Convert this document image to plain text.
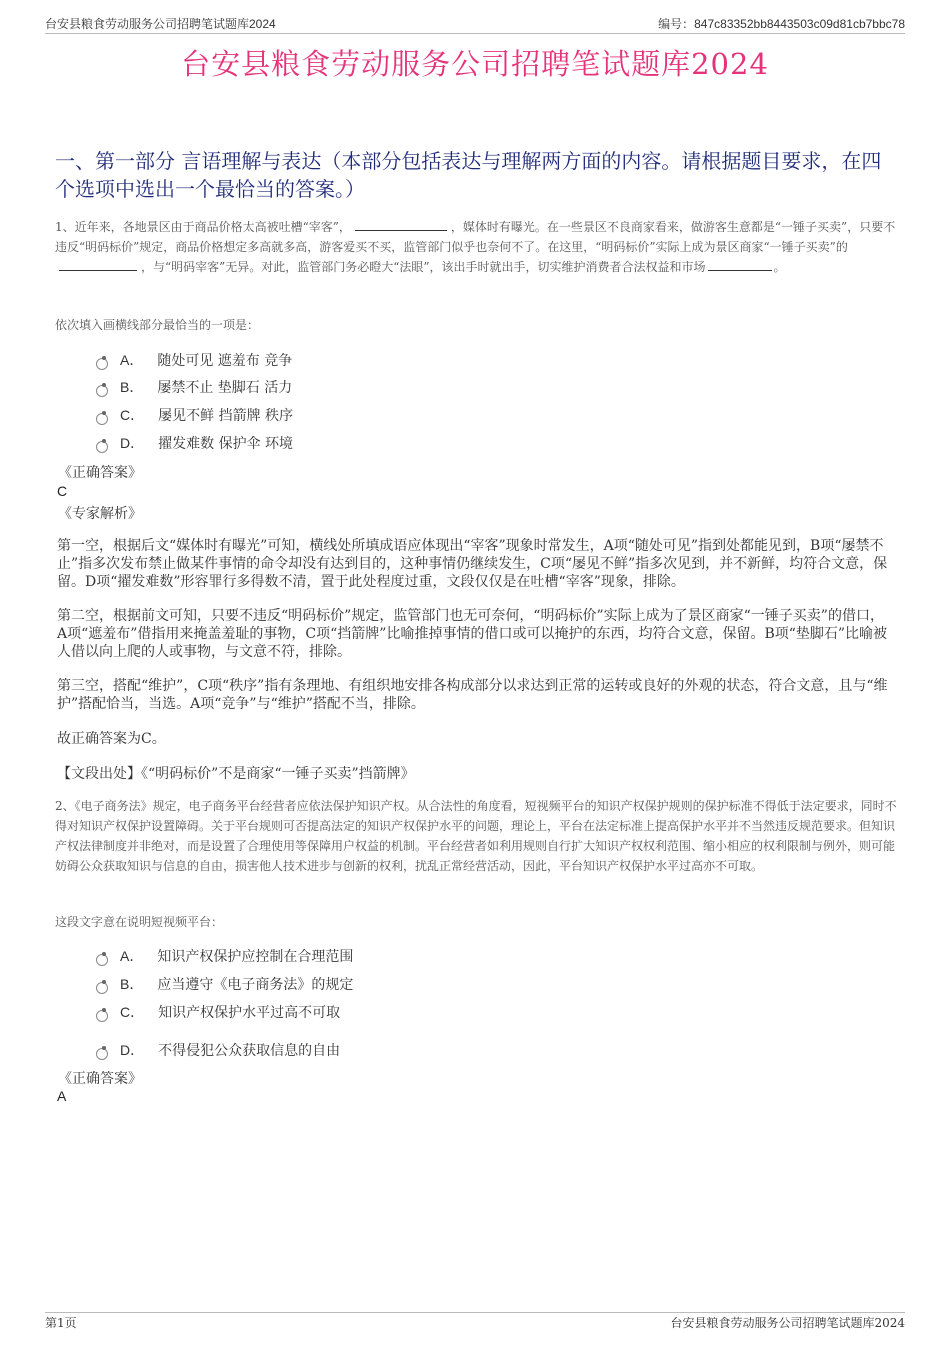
台安县粮食劳动服务公司招聘笔试题库2024	编号：847c83352bb8443503c09d81cb7bbc78
台安县粮食劳动服务公司招聘笔试题库2024
一、第一部分 言语理解与表达（本部分包括表达与理解两方面的内容。请根据题目要求，在四个选项中选出一个最恰当的答案。）
1、近年来，各地景区由于商品价格太高被吐槽“宰客”，	，媒体时有曝光。在一些景区不良商家看来，做游客生意都是“一锤子买卖”，只要不违反“明码标价”规定，商品价格想定多高就多高，游客爱买不买，监管部门似乎也奈何不了。在这里，“明码标价”实际上成为景区商家“一锤子买卖”的，与“明码宰客”无异。对此，监管部门务必瞪大“法眼”，该出手时就出手，切实维护消费者合法权益和市场	。
依次填入画横线部分最恰当的一项是：
A． 随处可见 遮羞布 竞争
B． 屡禁不止 垫脚石 活力
C． 屡见不鲜 挡箭牌 秩序
D． 擢发难数 保护伞 环境
《正确答案》
C
《专家解析》
第一空，根据后文“媒体时有曝光”可知，横线处所填成语应体现出“宰客”现象时常发生，A项“随处可见”指到处都能见到，B项“屡禁不止”指多次发布禁止做某件事情的命令却没有达到目的，这种事情仍继续发生，C项“屡见不鲜”指多次见到，并不新鲜，均符合文意，保留。D项“擢发难数”形容罪行多得数不清，置于此处程度过重，文段仅仅是在吐槽“宰客”现象，排除。
第二空，根据前文可知，只要不违反“明码标价”规定，监管部门也无可奈何，“明码标价”实际上成为了景区商家“一锤子买卖”的借口，A项“遮羞布”借指用来掩盖羞耻的事物，C项“挡箭牌”比喻推掉事情的借口或可以掩护的东西，均符合文意，保留。B项“垫脚石”比喻被人借以向上爬的人或事物，与文意不符，排除。
第三空，搭配“维护”，C项“秩序”指有条理地、有组织地安排各构成部分以求达到正常的运转或良好的外观的状态，符合文意，且与“维护”搭配恰当，当选。A项“竞争”与“维护”搭配不当，排除。
故正确答案为C。
【文段出处】《“明码标价”不是商家“一锤子买卖”挡箭牌》
2、《电子商务法》规定，电子商务平台经营者应依法保护知识产权。从合法性的角度看，短视频平台的知识产权保护规则的保护标准不得低于法定要求，同时不得对知识产权保护设置障碍。关于平台规则可否提高法定的知识产权保护水平的问题，理论上，平台在法定标准上提高保护水平并不当然违反规范要求。但知识产权法律制度并非绝对，而是设置了合理使用等保障用户权益的机制。平台经营者如利用规则自行扩大知识产权权利范围、缩小相应的权利限制与例外，则可能妨碍公众获取知识与信息的自由，损害他人技术进步与创新的权利，扰乱正常经营活动，因此，平台知识产权保护水平过高亦不可取。
这段文字意在说明短视频平台：
A． 知识产权保护应控制在合理范围
B． 应当遵守《电子商务法》的规定
C． 知识产权保护水平过高不可取
D． 不得侵犯公众获取信息的自由
《正确答案》
A
第1页	台安县粮食劳动服务公司招聘笔试题库2024
